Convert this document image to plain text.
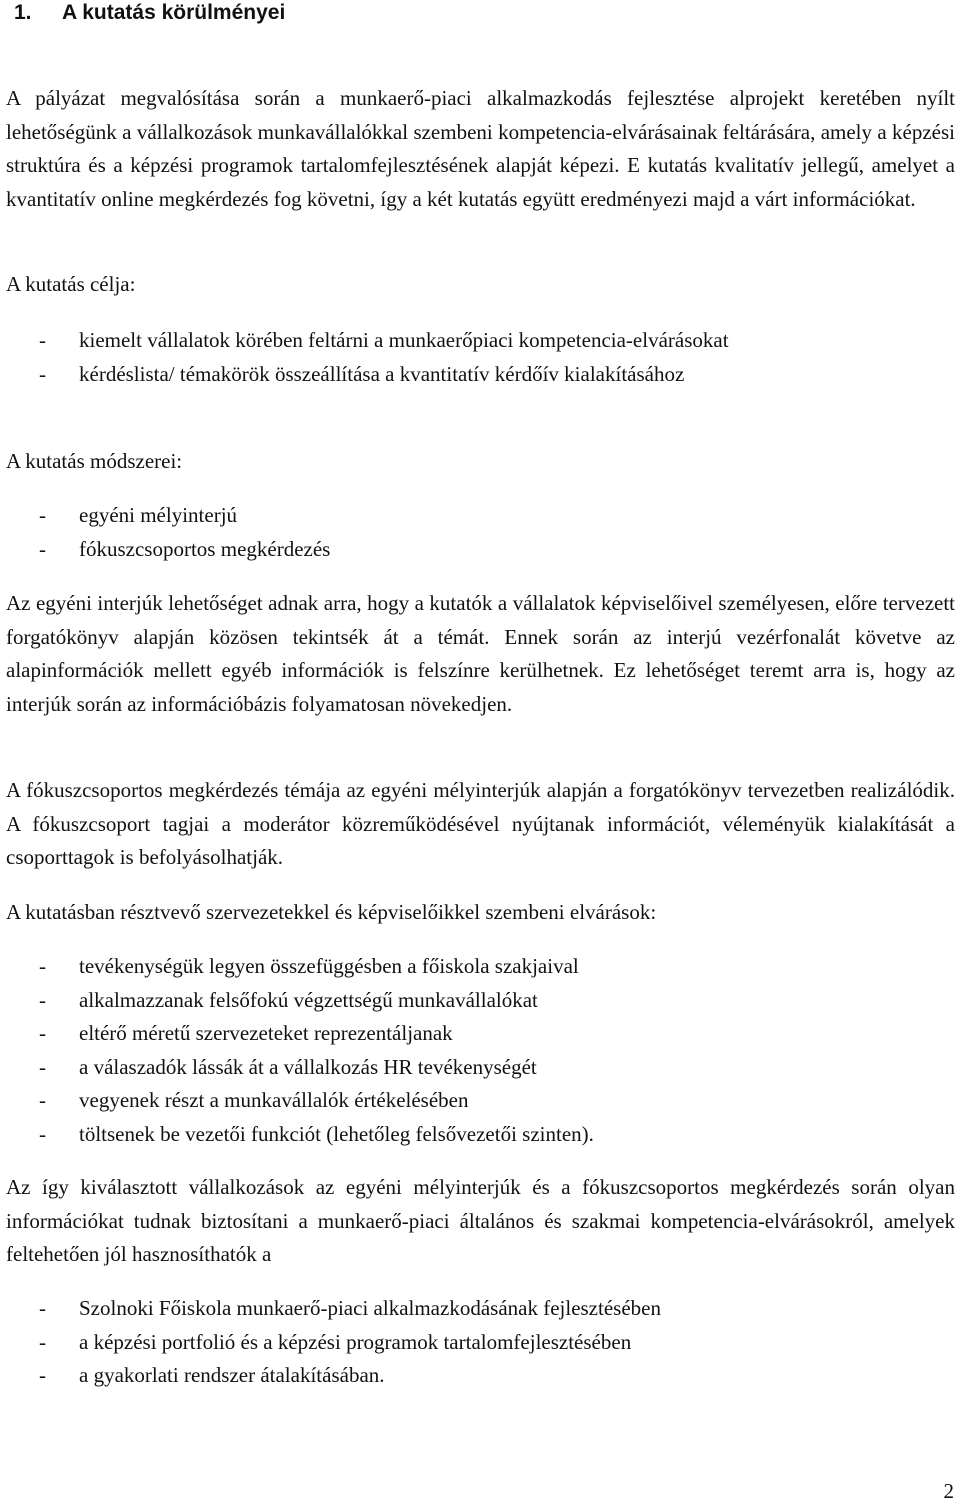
1. A kutatás körülményei

A pályázat megvalósítása során a munkaerő-piaci alkalmazkodás fejlesztése alprojekt keretében nyílt lehetőségünk a vállalkozások munkavállalókkal szembeni kompetencia-elvárásainak feltárására, amely a képzési struktúra és a képzési programok tartalomfejlesztésének alapját képezi. E kutatás kvalitatív jellegű, amelyet a kvantitatív online megkérdezés fog követni, így a két kutatás együtt eredményezi majd a várt információkat.

A kutatás célja:

- kiemelt vállalatok körében feltárni a munkaerőpiaci kompetencia-elvárásokat
- kérdéslista/ témakörök összeállítása a kvantitatív kérdőív kialakításához

A kutatás módszerei:

- egyéni mélyinterjú
- fókuszcsoportos megkérdezés

Az egyéni interjúk lehetőséget adnak arra, hogy a kutatók a vállalatok képviselőivel személyesen, előre tervezett forgatókönyv alapján közösen tekintsék át a témát. Ennek során az interjú vezérfonalát követve az alapinformációk mellett egyéb információk is felszínre kerülhetnek. Ez lehetőséget teremt arra is, hogy az interjúk során az információbázis folyamatosan növekedjen.

A fókuszcsoportos megkérdezés témája az egyéni mélyinterjúk alapján a forgatókönyv tervezetben realizálódik. A fókuszcsoport tagjai a moderátor közreműködésével nyújtanak információt, véleményük kialakítását a csoporttagok is befolyásolhatják.

A kutatásban résztvevő szervezetekkel és képviselőikkel szembeni elvárások:

- tevékenységük legyen összefüggésben a főiskola szakjaival
- alkalmazzanak felsőfokú végzettségű munkavállalókat
- eltérő méretű szervezeteket reprezentáljanak
- a válaszadók lássák át a vállalkozás HR tevékenységét
- vegyenek részt a munkavállalók értékelésében
- töltsenek be vezetői funkciót (lehetőleg felsővezetői szinten).

Az így kiválasztott vállalkozások az egyéni mélyinterjúk és a fókuszcsoportos megkérdezés során olyan információkat tudnak biztosítani a munkaerő-piaci általános és szakmai kompetencia-elvárásokról, amelyek feltehetően jól hasznosíthatók a

- Szolnoki Főiskola munkaerő-piaci alkalmazkodásának fejlesztésében
- a képzési portfolió és a képzési programok tartalomfejlesztésében
- a gyakorlati rendszer átalakításában.
2
